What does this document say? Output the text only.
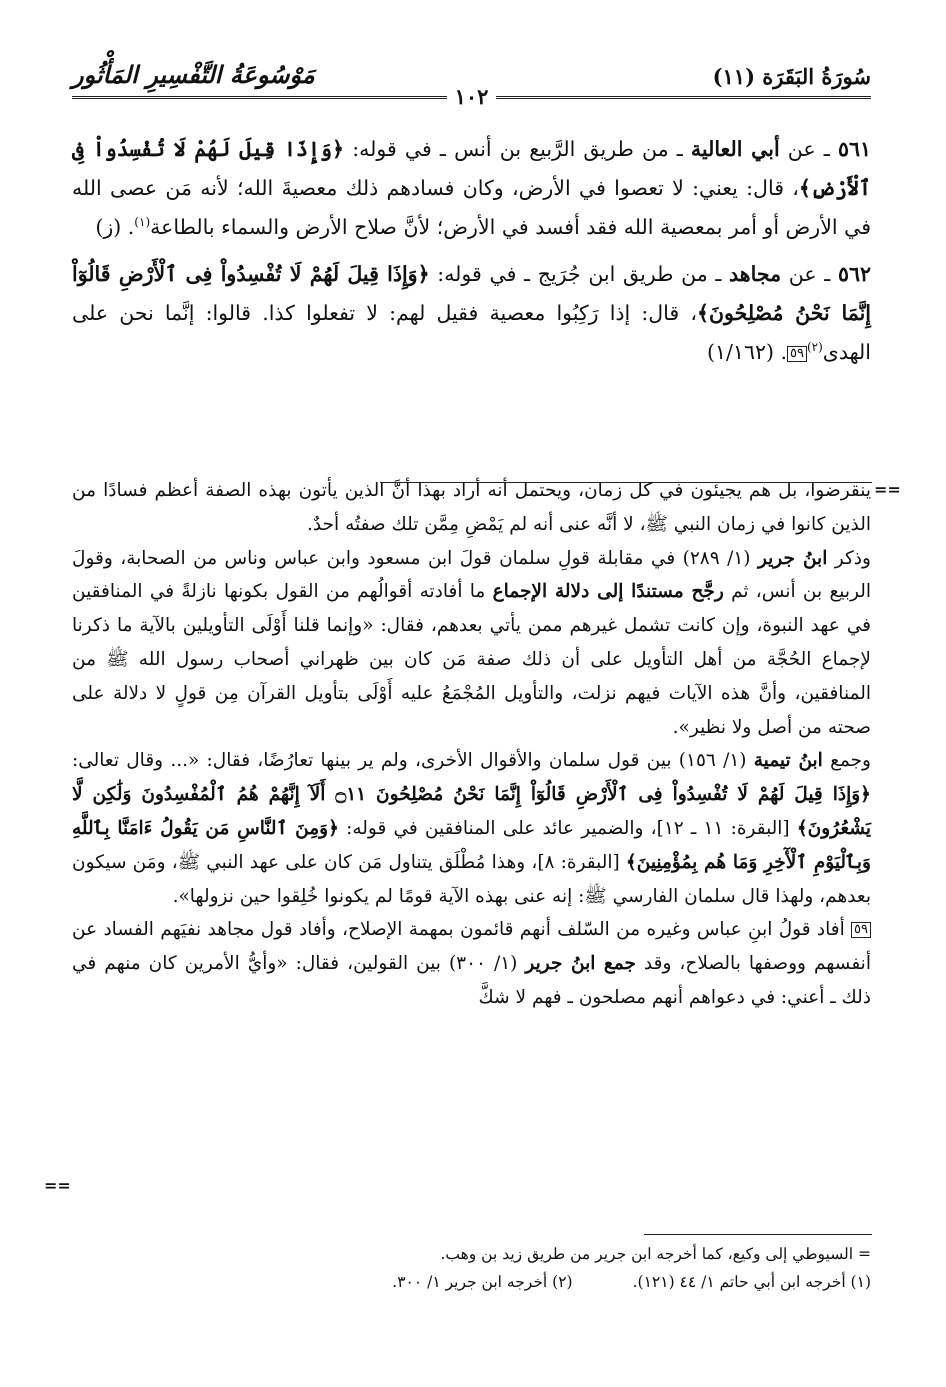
سُورَةُ البَقَرَة (١١)
١٠٢
مَوْسُوعَةُ التَّفْسِيرِ المَأْثُور

٥٦١ ـ عن أبي العالية ـ من طريق الرَّبيع بن أنس ـ في قوله: ﴿وَإِذَا قِيلَ لَهُمْ لَا تُفْسِدُواْ فِى ٱلْأَرْضِ﴾، قال: يعني: لا تعصوا في الأرض، وكان فسادهم ذلك معصيةَ الله؛ لأنه مَن عصى الله في الأرض أو أمر بمعصية الله فقد أفسد في الأرض؛ لأنَّ صلاح الأرض والسماء بالطاعة$^{(١)}$. (ز)

٥٦٢ ـ عن مجاهد ـ من طريق ابن جُرَيج ـ في قوله: ﴿وَإِذَا قِيلَ لَهُمْ لَا تُفْسِدُواْ فِى ٱلْأَرْضِ قَالُوٓاْ إِنَّمَا نَحْنُ مُصْلِحُونَ﴾، قال: إذا رَكِبُوا معصية فقيل لهم: لا تفعلوا كذا. قالوا: إنَّما نحن على الهدى$^{(٢)}$٥٩. (١/١٦٢)

==
==

ينقرضوا، بل هم يجيئون في كل زمان، ويحتمل أنه أراد بهذا أنَّ الذين يأتون بهذه الصفة أعظم فسادًا من الذين كانوا في زمان النبي ﷺ، لا أنَّه عنى أنه لم يَمْضِ مِمَّن تلك صفتُه أحدٌ.

وذكر ابنُ جرير (١/ ٢٨٩) في مقابلة قولِ سلمان قولَ ابن مسعود وابن عباس وناس من الصحابة، وقولَ الربيع بن أنس، ثم رجَّح مستندًا إلى دلالة الإجماع ما أفادته أقوالُهم من القول بكونها نازلةً في المنافقين في عهد النبوة، وإن كانت تشمل غيرهم ممن يأتي بعدهم، فقال: «وإنما قلنا أَوْلَى التأويلين بالآية ما ذكرنا لإجماع الحُجَّة من أهل التأويل على أن ذلك صفة مَن كان بين ظهراني أصحاب رسول الله ﷺ من المنافقين، وأنَّ هذه الآيات فيهم نزلت، والتأويل المُجْمَعُ عليه أَوْلَى بتأويل القرآن مِن قولٍ لا دلالة على صحته من أصل ولا نظير».

وجمع ابنُ تيمية (١/ ١٥٦) بين قول سلمان والأقوال الأخرى، ولم ير بينها تعارُضًا، فقال: «... وقال تعالى: ﴿وَإِذَا قِيلَ لَهُمْ لَا تُفْسِدُواْ فِى ٱلْأَرْضِ قَالُوٓاْ إِنَّمَا نَحْنُ مُصْلِحُونَ ۝١١ أَلَآ إِنَّهُمْ هُمُ ٱلْمُفْسِدُونَ وَلَٰكِن لَّا يَشْعُرُونَ﴾ [البقرة: ١١ ـ ١٢]، والضمير عائد على المنافقين في قوله: ﴿وَمِنَ ٱلنَّاسِ مَن يَقُولُ ءَامَنَّا بِٱللَّهِ وَبِٱلْيَوْمِ ٱلْأٓخِرِ وَمَا هُم بِمُؤْمِنِينَ﴾ [البقرة: ٨]، وهذا مُطْلَق يتناول مَن كان على عهد النبي ﷺ، ومَن سيكون بعدهم، ولهذا قال سلمان الفارسي ﷺ: إنه عنى بهذه الآية قومًا لم يكونوا خُلِقوا حين نزولها».

٥٩ أفاد قولُ ابنِ عباس وغيره من السّلف أنهم قائمون بمهمة الإصلاح، وأفاد قول مجاهد نفيَهم الفساد عن أنفسهم ووصفها بالصلاح، وقد جمع ابنُ جرير (١/ ٣٠٠) بين القولين، فقال: «وأيُّ الأمرين كان منهم في ذلك ـ أعني: في دعواهم أنهم مصلحون ـ فهم لا شكَّ

= السيوطي إلى وكيع، كما أخرجه ابن جرير من طريق زيد بن وهب.
(١) أخرجه ابن أبي حاتم ١/ ٤٤ (١٢١).
(٢) أخرجه ابن جرير ١/ ٣٠٠.
